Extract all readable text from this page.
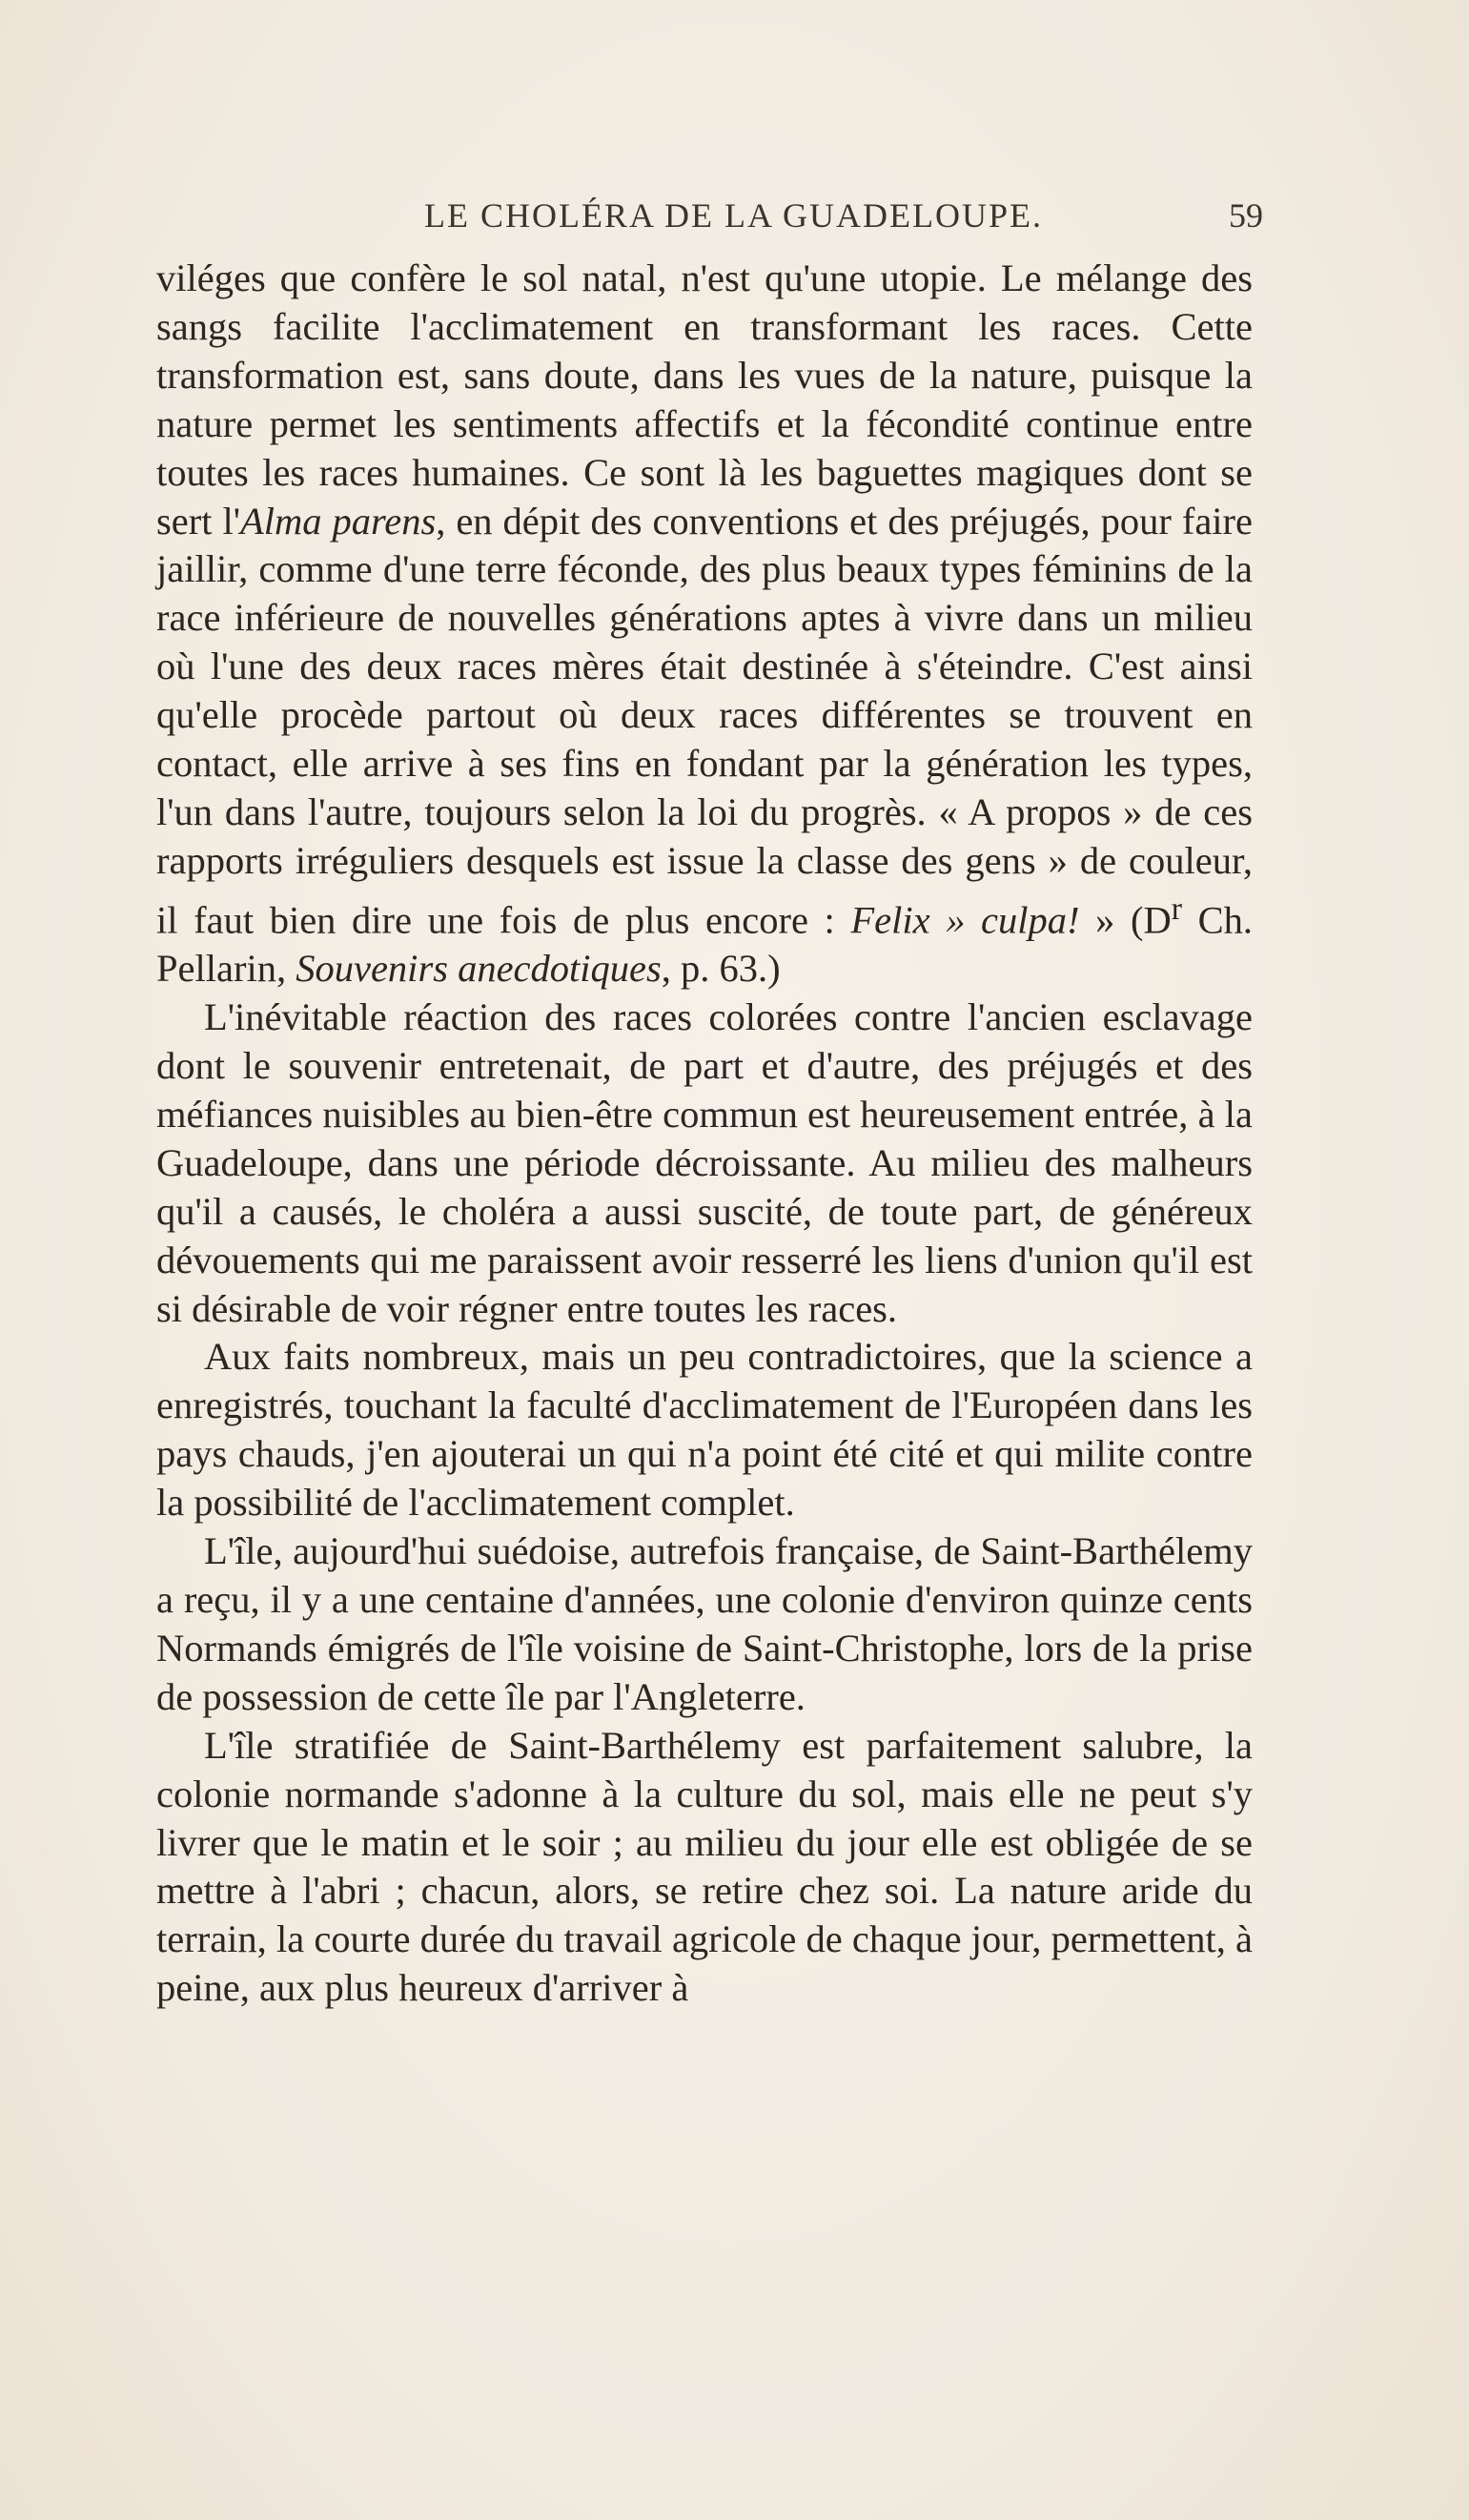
LE CHOLÉRA DE LA GUADELOUPE.	59

viléges que confère le sol natal, n'est qu'une utopie. Le mélange des sangs facilite l'acclimatement en transformant les races. Cette transformation est, sans doute, dans les vues de la nature, puisque la nature permet les sentiments affectifs et la fécondité continue entre toutes les races humaines. Ce sont là les baguettes magiques dont se sert l'Alma parens, en dépit des conventions et des préjugés, pour faire jaillir, comme d'une terre féconde, des plus beaux types féminins de la race inférieure de nouvelles générations aptes à vivre dans un milieu où l'une des deux races mères était destinée à s'éteindre. C'est ainsi qu'elle procède partout où deux races différentes se trouvent en contact, elle arrive à ses fins en fondant par la génération les types, l'un dans l'autre, toujours selon la loi du progrès. « A propos » de ces rapports irréguliers desquels est issue la classe des gens » de couleur, il faut bien dire une fois de plus encore : Felix » culpa! » ($D^r$ Ch. Pellarin, Souvenirs anecdotiques, p. 63.)

L'inévitable réaction des races colorées contre l'ancien esclavage dont le souvenir entretenait, de part et d'autre, des préjugés et des méfiances nuisibles au bien-être commun est heureusement entrée, à la Guadeloupe, dans une période décroissante. Au milieu des malheurs qu'il a causés, le choléra a aussi suscité, de toute part, de généreux dévouements qui me paraissent avoir resserré les liens d'union qu'il est si désirable de voir régner entre toutes les races.

Aux faits nombreux, mais un peu contradictoires, que la science a enregistrés, touchant la faculté d'acclimatement de l'Européen dans les pays chauds, j'en ajouterai un qui n'a point été cité et qui milite contre la possibilité de l'acclimatement complet.

L'île, aujourd'hui suédoise, autrefois française, de Saint-Barthélemy a reçu, il y a une centaine d'années, une colonie d'environ quinze cents Normands émigrés de l'île voisine de Saint-Christophe, lors de la prise de possession de cette île par l'Angleterre.

L'île stratifiée de Saint-Barthélemy est parfaitement salubre, la colonie normande s'adonne à la culture du sol, mais elle ne peut s'y livrer que le matin et le soir ; au milieu du jour elle est obligée de se mettre à l'abri ; chacun, alors, se retire chez soi. La nature aride du terrain, la courte durée du travail agricole de chaque jour, permettent, à peine, aux plus heureux d'arriver à
